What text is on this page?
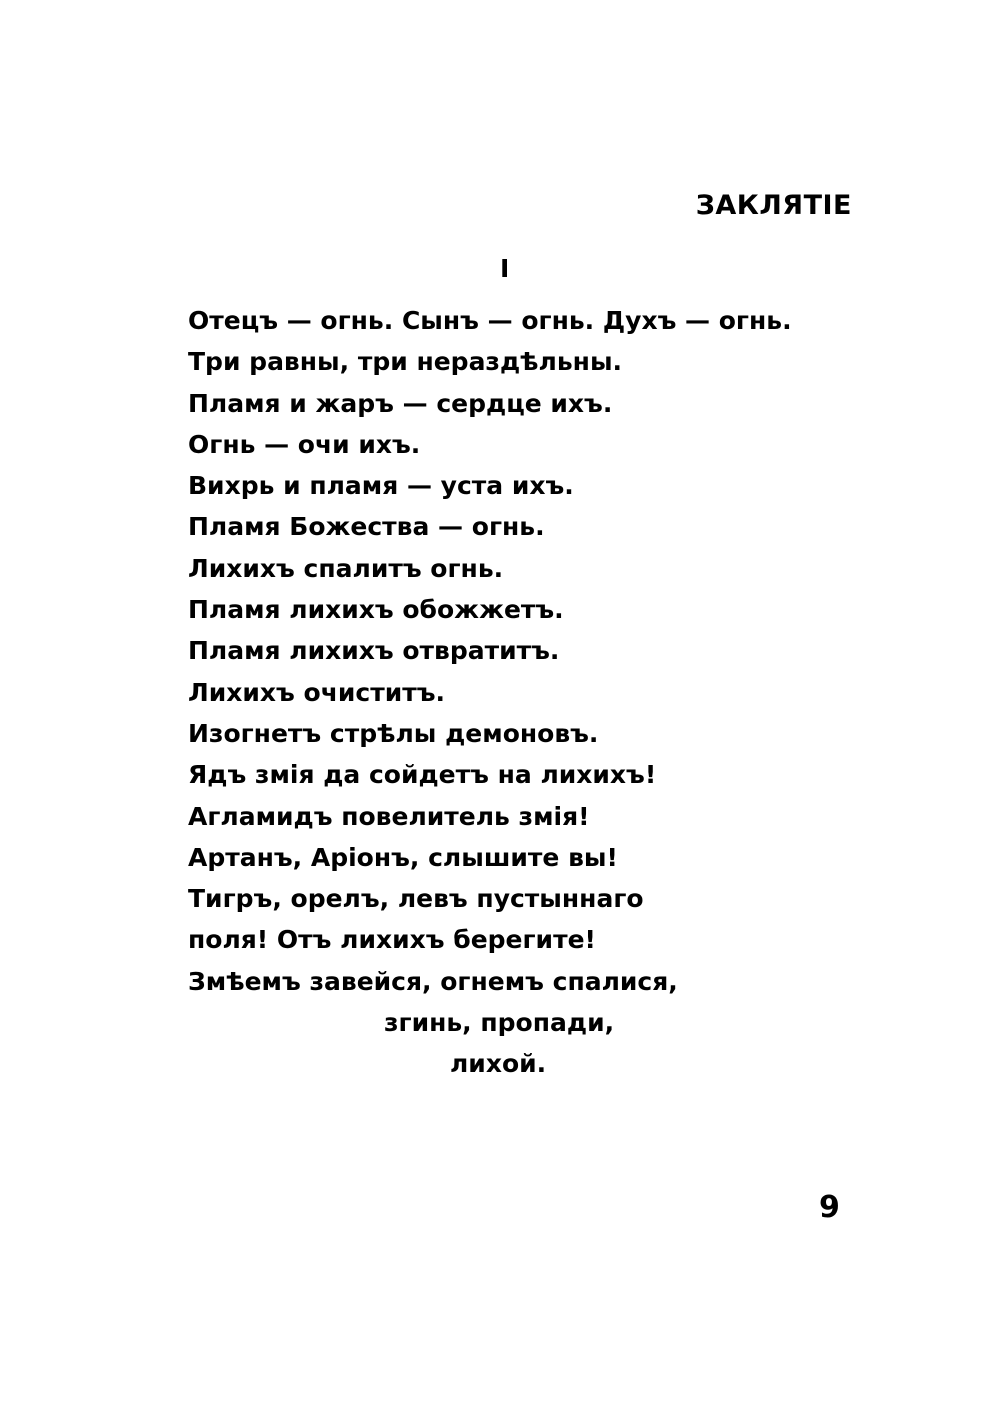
ЗАКЛЯТIЕ
I
Отецъ — огнь. Сынъ — огнь. Духъ — огнь.
Три равны, три нераздѣльны.
Пламя и жаръ — сердце ихъ.
Огнь — очи ихъ.
Вихрь и пламя — уста ихъ.
Пламя Божества — огнь.
Лихихъ спалитъ огнь.
Пламя лихихъ обожжетъ.
Пламя лихихъ отвратитъ.
Лихихъ очиститъ.
Изогнетъ стрѣлы демоновъ.
Ядъ змія да сойдетъ на лихихъ!
Агламидъ повелитель змія!
Артанъ, Арiонъ, слышите вы!
Тигръ, орелъ, левъ пустыннаго
поля! Отъ лихихъ берегите!
Змѣемъ завейся, огнемъ спалися,
згинь, пропади,
лихой.
9
